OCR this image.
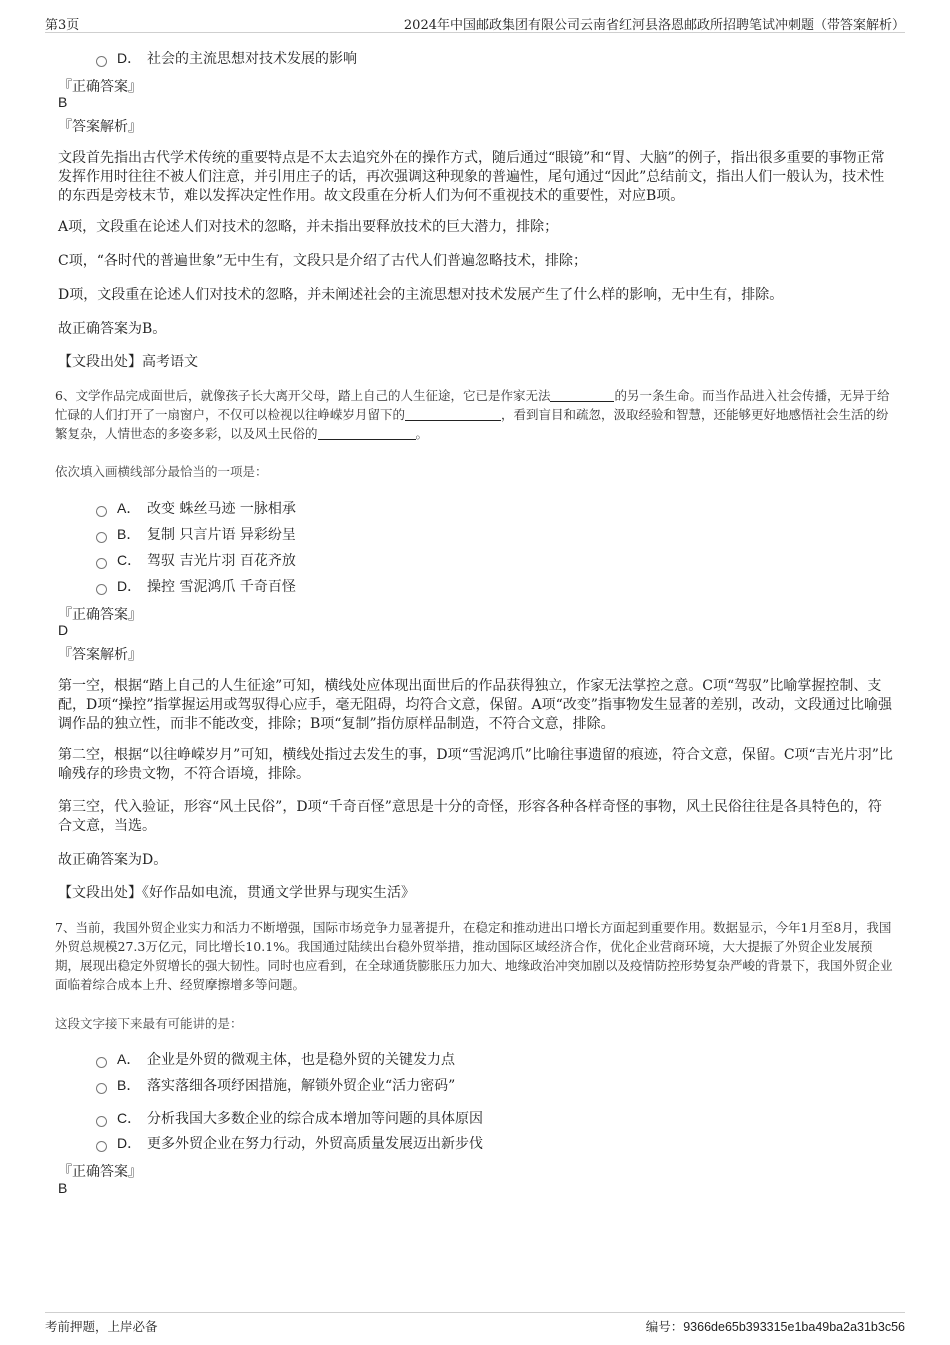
第3页	2024年中国邮政集团有限公司云南省红河县洛恩邮政所招聘笔试冲刺题（带答案解析）
D． 社会的主流思想对技术发展的影响
『正确答案』
B
『答案解析』
文段首先指出古代学术传统的重要特点是不太去追究外在的操作方式，随后通过“眼镜”和“胃、大脑”的例子，指出很多重要的事物正常发挥作用时往往不被人们注意，并引用庄子的话，再次强调这种现象的普遍性，尾句通过“因此”总结前文，指出人们一般认为，技术性的东西是旁枝末节，难以发挥决定性作用。故文段重在分析人们为何不重视技术的重要性，对应B项。
A项，文段重在论述人们对技术的忽略，并未指出要释放技术的巨大潜力，排除；
C项，“各时代的普遍世象”无中生有，文段只是介绍了古代人们普遍忽略技术，排除；
D项，文段重在论述人们对技术的忽略，并未阐述社会的主流思想对技术发展产生了什么样的影响，无中生有，排除。
故正确答案为B。
【文段出处】高考语文
6、文学作品完成面世后，就像孩子长大离开父母，踏上自己的人生征途，它已是作家无法	的另一条生命。而当作品进入社会传播，无异于给忙碌的人们打开了一扇窗户，不仅可以检视以往峥嵘岁月留下的	，看到盲目和疏忽，汲取经验和智慧，还能够更好地感悟社会生活的纷繁复杂，人情世态的多姿多彩，以及风土民俗的	。
依次填入画横线部分最恰当的一项是：
A． 改变 蛛丝马迹 一脉相承
B． 复制 只言片语 异彩纷呈
C． 驾驭 吉光片羽 百花齐放
D． 操控 雪泥鸿爪 千奇百怪
『正确答案』
D
『答案解析』
第一空，根据“踏上自己的人生征途”可知，横线处应体现出面世后的作品获得独立，作家无法掌控之意。C项“驾驭”比喻掌握控制、支配，D项“操控”指掌握运用或驾驭得心应手，毫无阻碍，均符合文意，保留。A项“改变”指事物发生显著的差别，改动，文段通过比喻强调作品的独立性，而非不能改变，排除；B项“复制”指仿原样品制造，不符合文意，排除。
第二空，根据“以往峥嵘岁月”可知，横线处指过去发生的事，D项“雪泥鸿爪”比喻往事遗留的痕迹，符合文意，保留。C项“吉光片羽”比喻残存的珍贵文物，不符合语境，排除。
第三空，代入验证，形容“风土民俗”，D项“千奇百怪”意思是十分的奇怪，形容各种各样奇怪的事物，风土民俗往往是各具特色的，符合文意，当选。
故正确答案为D。
【文段出处】《好作品如电流，贯通文学世界与现实生活》
7、当前，我国外贸企业实力和活力不断增强，国际市场竞争力显著提升，在稳定和推动进出口增长方面起到重要作用。数据显示，今年1月至8月，我国外贸总规模27.3万亿元，同比增长10.1%。我国通过陆续出台稳外贸举措，推动国际区域经济合作，优化企业营商环境，大大提振了外贸企业发展预期，展现出稳定外贸增长的强大韧性。同时也应看到，在全球通货膨胀压力加大、地缘政治冲突加剧以及疫情防控形势复杂严峻的背景下，我国外贸企业面临着综合成本上升、经贸摩擦增多等问题。
这段文字接下来最有可能讲的是：
A． 企业是外贸的微观主体，也是稳外贸的关键发力点
B． 落实落细各项纾困措施，解锁外贸企业“活力密码”
C． 分析我国大多数企业的综合成本增加等问题的具体原因
D． 更多外贸企业在努力行动，外贸高质量发展迈出新步伐
『正确答案』
B
考前押题，上岸必备	编号：9366de65b393315e1ba49ba2a31b3c56
